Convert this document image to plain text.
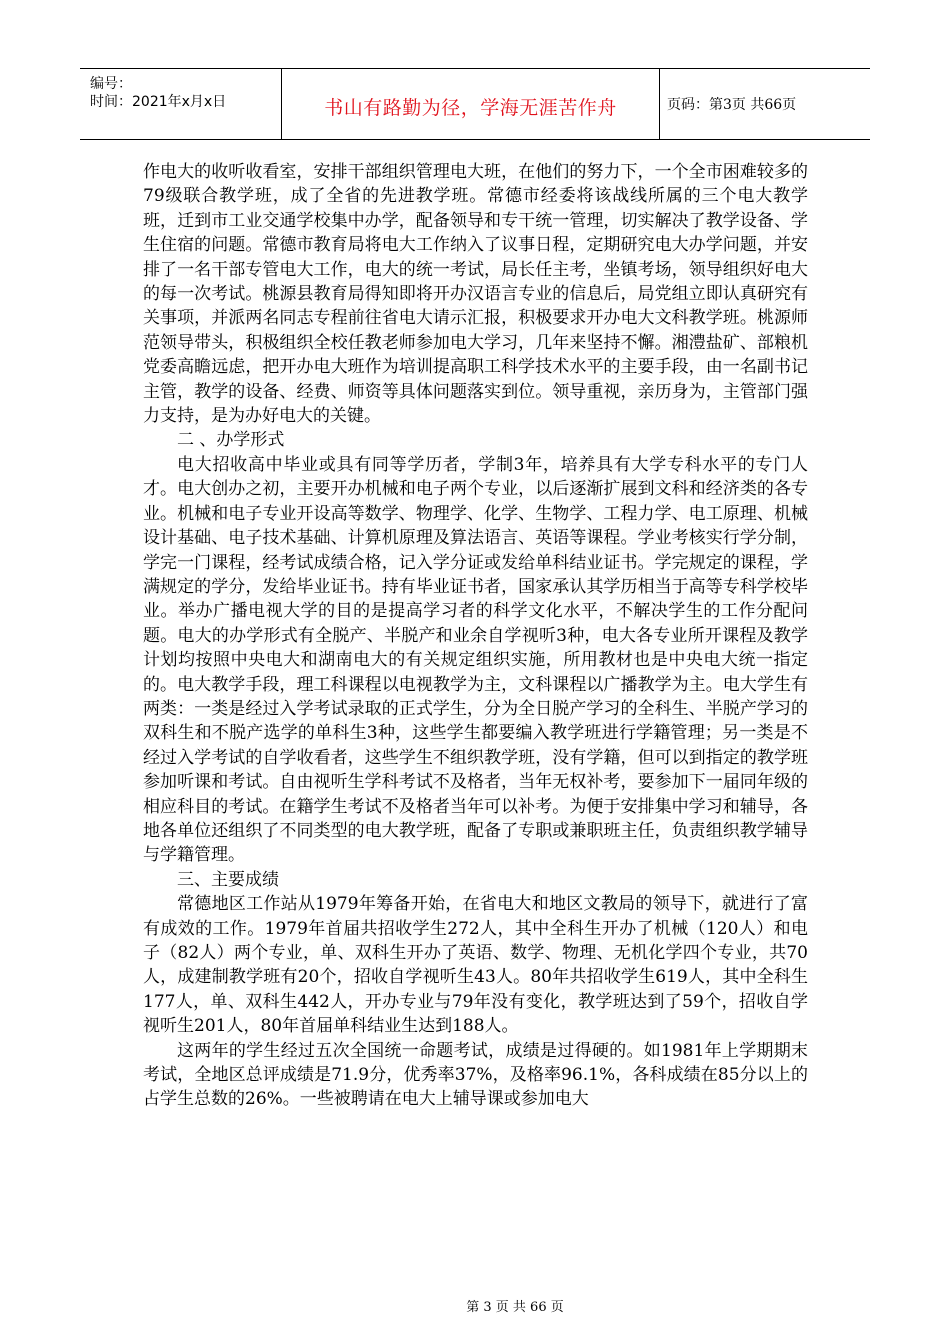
编号：
时间：2021年x月x日	书山有路勤为径，学海无涯苦作舟	页码：第3页 共66页

作电大的收听收看室，安排干部组织管理电大班，在他们的努力下，一个全市困难较多的79级联合教学班，成了全省的先进教学班。常德市经委将该战线所属的三个电大教学班，迁到市工业交通学校集中办学，配备领导和专干统一管理，切实解决了教学设备、学生住宿的问题。常德市教育局将电大工作纳入了议事日程，定期研究电大办学问题，并安排了一名干部专管电大工作，电大的统一考试，局长任主考，坐镇考场，领导组织好电大的每一次考试。桃源县教育局得知即将开办汉语言专业的信息后，局党组立即认真研究有关事项，并派两名同志专程前往省电大请示汇报，积极要求开办电大文科教学班。桃源师范领导带头，积极组织全校任教老师参加电大学习，几年来坚持不懈。湘澧盐矿、部粮机党委高瞻远虑，把开办电大班作为培训提高职工科学技术水平的主要手段，由一名副书记主管，教学的设备、经费、师资等具体问题落实到位。领导重视，亲历身为，主管部门强力支持，是为办好电大的关键。

二 、办学形式

电大招收高中毕业或具有同等学历者，学制3年，培养具有大学专科水平的专门人才。电大创办之初，主要开办机械和电子两个专业，以后逐渐扩展到文科和经济类的各专业。机械和电子专业开设高等数学、物理学、化学、生物学、工程力学、电工原理、机械设计基础、电子技术基础、计算机原理及算法语言、英语等课程。学业考核实行学分制，学完一门课程，经考试成绩合格，记入学分证或发给单科结业证书。学完规定的课程，学满规定的学分，发给毕业证书。持有毕业证书者，国家承认其学历相当于高等专科学校毕业。举办广播电视大学的目的是提高学习者的科学文化水平，不解决学生的工作分配问题。电大的办学形式有全脱产、半脱产和业余自学视听3种，电大各专业所开课程及教学计划均按照中央电大和湖南电大的有关规定组织实施，所用教材也是中央电大统一指定的。电大教学手段，理工科课程以电视教学为主，文科课程以广播教学为主。电大学生有两类：一类是经过入学考试录取的正式学生，分为全日脱产学习的全科生、半脱产学习的双科生和不脱产选学的单科生3种，这些学生都要编入教学班进行学籍管理；另一类是不经过入学考试的自学收看者，这些学生不组织教学班，没有学籍，但可以到指定的教学班参加听课和考试。自由视听生学科考试不及格者，当年无权补考，要参加下一届同年级的相应科目的考试。在籍学生考试不及格者当年可以补考。为便于安排集中学习和辅导，各地各单位还组织了不同类型的电大教学班，配备了专职或兼职班主任，负责组织教学辅导与学籍管理。

三、主要成绩

常德地区工作站从1979年筹备开始，在省电大和地区文教局的领导下，就进行了富有成效的工作。1979年首届共招收学生272人，其中全科生开办了机械（120人）和电子（82人）两个专业，单、双科生开办了英语、数学、物理、无机化学四个专业，共70人，成建制教学班有20个，招收自学视听生43人。80年共招收学生619人，其中全科生177人，单、双科生442人，开办专业与79年没有变化，教学班达到了59个，招收自学视听生201人，80年首届单科结业生达到188人。

这两年的学生经过五次全国统一命题考试，成绩是过得硬的。如1981年上学期期末考试，全地区总评成绩是71.9分，优秀率37%，及格率96.1%，各科成绩在85分以上的占学生总数的26%。一些被聘请在电大上辅导课或参加电大

第 3 页 共 66 页
